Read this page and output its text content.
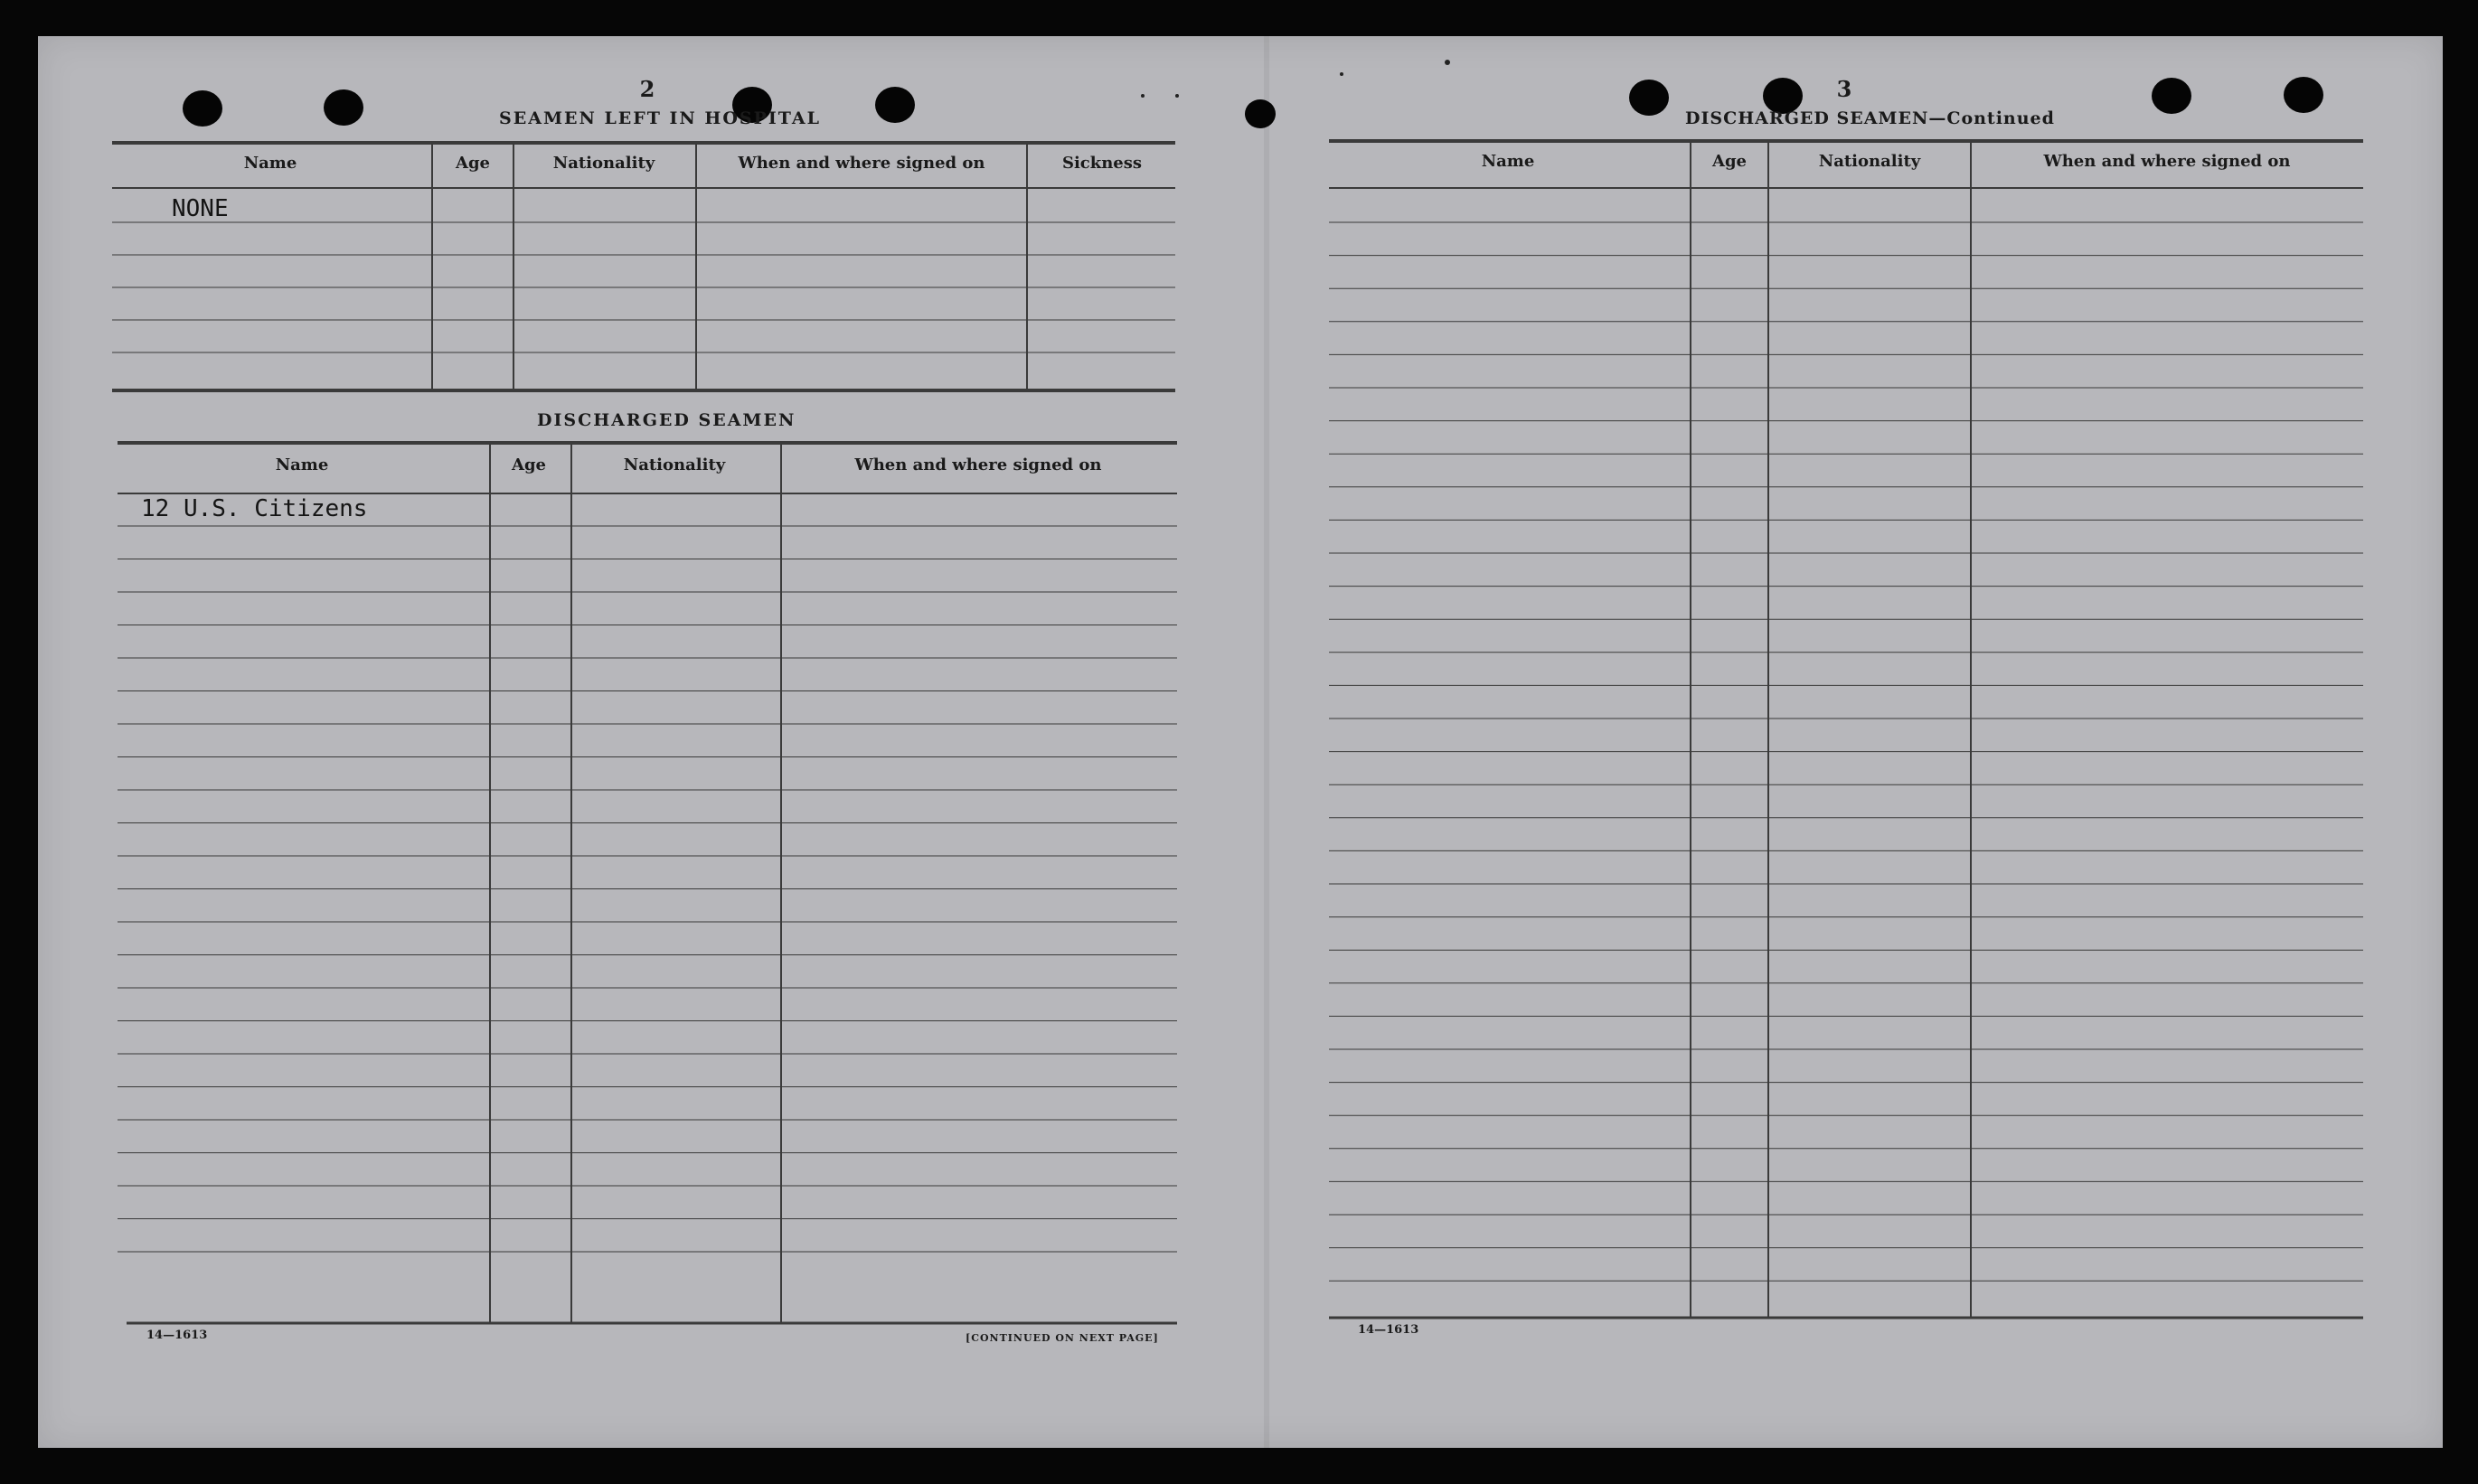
2
SEAMEN LEFT IN HOSPITAL
Name	Age	Nationality	When and where signed on	Sickness
NONE
DISCHARGED SEAMEN
Name	Age	Nationality	When and where signed on
12 U.S. Citizens
14—1613	[CONTINUED ON NEXT PAGE]
3
DISCHARGED SEAMEN—Continued
Name	Age	Nationality	When and where signed on
14—1613
